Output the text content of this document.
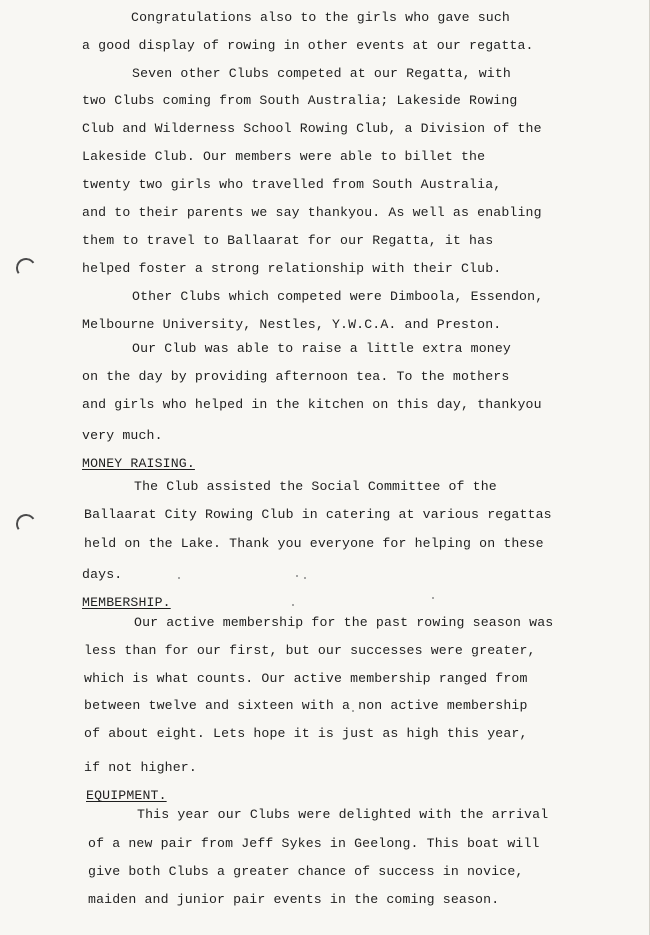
Congratulations also to the girls who gave such
a good display of rowing in other events at our regatta.
Seven other Clubs competed at our Regatta, with
two Clubs coming from South Australia; Lakeside Rowing
Club and Wilderness School Rowing Club, a Division of the
Lakeside Club. Our members were able to billet the
twenty two girls who travelled from South Australia,
and to their parents we say thankyou. As well as enabling
them to travel to Ballaarat for our Regatta, it has
helped foster a strong relationship with their Club.
Other Clubs which competed were Dimboola, Essendon,
Melbourne University, Nestles, Y.W.C.A. and Preston.
Our Club was able to raise a little extra money
on the day by providing afternoon tea. To the mothers
and girls who helped in the kitchen on this day, thankyou
very much.
MONEY RAISING.
The Club assisted the Social Committee of the
Ballaarat City Rowing Club in catering at various regattas
held on the Lake. Thank you everyone for helping on these
days.
MEMBERSHIP.
Our active membership for the past rowing season was
less than for our first, but our successes were greater,
which is what counts. Our active membership ranged from
between twelve and sixteen with a non active membership
of about eight. Lets hope it is just as high this year,
if not higher.
EQUIPMENT.
This year our Clubs were delighted with the arrival
of a new pair from Jeff Sykes in Geelong. This boat will
give both Clubs a greater chance of success in novice,
maiden and junior pair events in the coming season.
